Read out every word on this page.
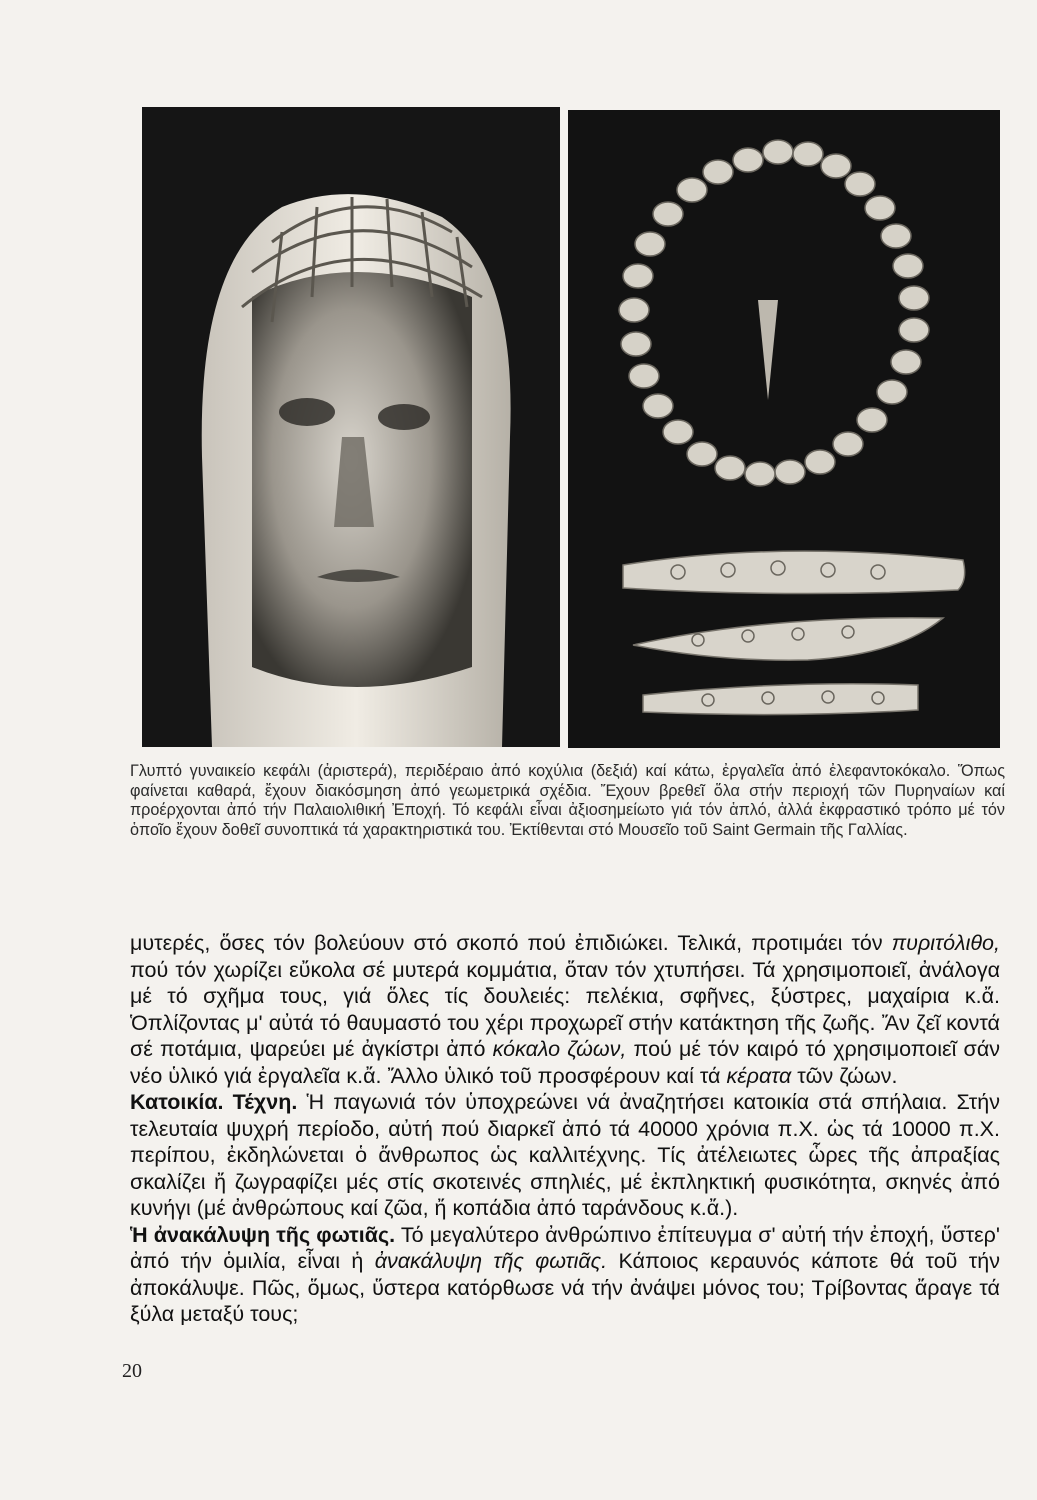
Γλυπτό γυναικείο κεφάλι (ἀριστερά), περιδέραιο ἀπό κοχύλια (δεξιά) καί κάτω, ἐργαλεῖα ἀπό ἐλεφαντοκόκαλο. Ὅπως φαίνεται καθαρά, ἔχουν διακόσμηση ἀπό γεωμετρικά σχέδια. Ἔχουν βρεθεῖ ὅλα στήν περιοχή τῶν Πυρηναίων καί προέρχονται ἀπό τήν Παλαιολιθική Ἐποχή. Τό κεφάλι εἶναι ἀξιοσημείωτο γιά τόν ἁπλό, ἀλλά ἐκφραστικό τρόπο μέ τόν ὁποῖο ἔχουν δοθεῖ συνοπτικά τά χαρακτηριστικά του. Ἐκτίθενται στό Μουσεῖο τοῦ Saint Germain τῆς Γαλλίας.

μυτερές, ὅσες τόν βολεύουν στό σκοπό πού ἐπιδιώκει. Τελικά, προτιμάει τόν πυριτόλιθο, πού τόν χωρίζει εὔκολα σέ μυτερά κομμάτια, ὅταν τόν χτυπήσει. Τά χρησιμοποιεῖ, ἀνάλογα μέ τό σχῆμα τους, γιά ὅλες τίς δουλειές: πελέκια, σφῆνες, ξύστρες, μαχαίρια κ.ἄ. Ὁπλίζοντας μ' αὐτά τό θαυμαστό του χέρι προχωρεῖ στήν κατάκτηση τῆς ζωῆς. Ἄν ζεῖ κοντά σέ ποτάμια, ψαρεύει μέ ἀγκίστρι ἀπό κόκαλο ζώων, πού μέ τόν καιρό τό χρησιμοποιεῖ σάν νέο ὑλικό γιά ἐργαλεῖα κ.ἄ. Ἄλλο ὑλικό τοῦ προσφέρουν καί τά κέρατα τῶν ζώων.

Κατοικία. Τέχνη. Ἡ παγωνιά τόν ὑποχρεώνει νά ἀναζητήσει κατοικία στά σπήλαια. Στήν τελευταία ψυχρή περίοδο, αὐτή πού διαρκεῖ ἀπό τά 40000 χρόνια π.Χ. ὡς τά 10000 π.Χ. περίπου, ἐκδηλώνεται ὁ ἄνθρωπος ὡς καλλιτέχνης. Τίς ἀτέλειωτες ὧρες τῆς ἀπραξίας σκαλίζει ἤ ζωγραφίζει μές στίς σκοτεινές σπηλιές, μέ ἐκπληκτική φυσικότητα, σκηνές ἀπό κυνήγι (μέ ἀνθρώπους καί ζῶα, ἤ κοπάδια ἀπό ταράνδους κ.ἄ.).

Ἡ ἀνακάλυψη τῆς φωτιᾶς. Τό μεγαλύτερο ἀνθρώπινο ἐπίτευγμα σ' αὐτή τήν ἐποχή, ὕστερ' ἀπό τήν ὁμιλία, εἶναι ἡ ἀνακάλυψη τῆς φωτιᾶς. Κάποιος κεραυνός κάποτε θά τοῦ τήν ἀποκάλυψε. Πῶς, ὅμως, ὕστερα κατόρθωσε νά τήν ἀνάψει μόνος του; Τρίβοντας ἄραγε τά ξύλα μεταξύ τους;

20
